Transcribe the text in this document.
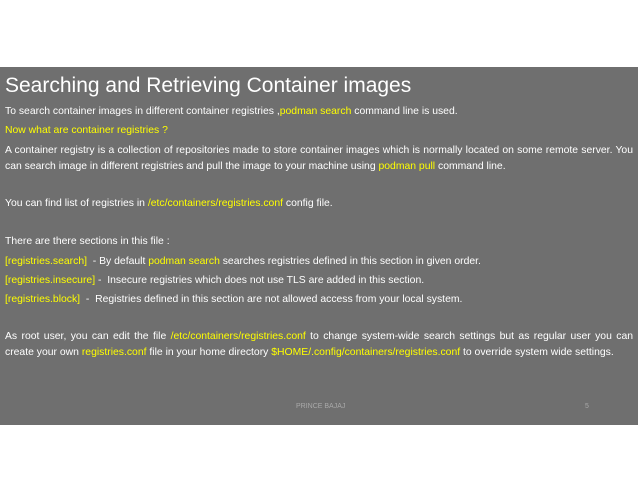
Searching and Retrieving Container images
To search container images in different container registries ,podman search command line is used.
Now what are container registries ?
A container registry is a collection of repositories made to store container images which is normally located on some remote server. You can search image in different registries and pull the image to your machine using podman pull command line.
You can find list of registries in /etc/containers/registries.conf config file.
There are there sections in this file :
[registries.search]  - By default podman search searches registries defined in this section in given order.
[registries.insecure] -  Insecure registries which does not use TLS are added in this section.
[registries.block]  -  Registries defined in this section are not allowed access from your local system.
As root user, you can edit the file /etc/containers/registries.conf to change system-wide search settings but as regular user you can create your own registries.conf file in your home directory $HOME/.config/containers/registries.conf to override system wide settings.
PRINCE BAJAJ	5
